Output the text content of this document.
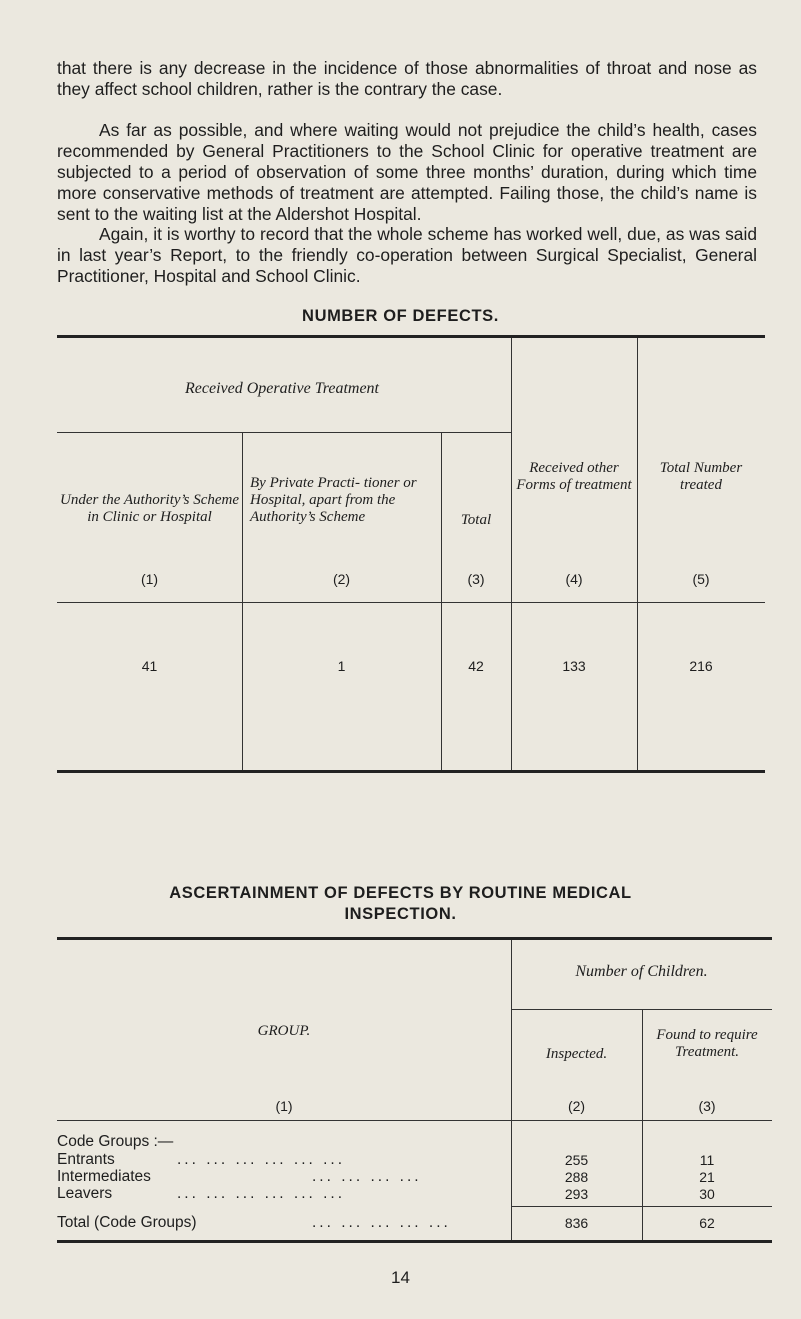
that there is any decrease in the incidence of those abnormalities of throat and nose as they affect school children, rather is the contrary the case.

As far as possible, and where waiting would not prejudice the child’s health, cases recommended by General Practitioners to the School Clinic for operative treatment are subjected to a period of observation of some three months’ duration, during which time more conservative methods of treatment are attempted. Failing those, the child’s name is sent to the waiting list at the Aldershot Hospital.

Again, it is worthy to record that the whole scheme has worked well, due, as was said in last year’s Report, to the friendly co-operation between Surgical Specialist, General Practitioner, Hospital and School Clinic.

NUMBER OF DEFECTS.

Received Operative Treatment
Under the Authority’s Scheme in Clinic or Hospital
By Private Practi- tioner or Hospital, apart from the Authority’s Scheme	Total
Received other Forms of treatment
Total Number treated
(1)	(2)	(3)	(4)	(5)
41	1	42	133	216

ASCERTAINMENT OF DEFECTS BY ROUTINE MEDICAL

INSPECTION.

GROUP.
(1)
Number of Children.
Inspected.
(2)
Found to require Treatment.
(3)
Code Groups :—
Entrants	... ... ... ... ... ...	255	11
Intermediates	... ... ... ...	288	21
Leavers	... ... ... ... ... ...	293	30
Total (Code Groups)	... ... ... ... ...	836	62
14
